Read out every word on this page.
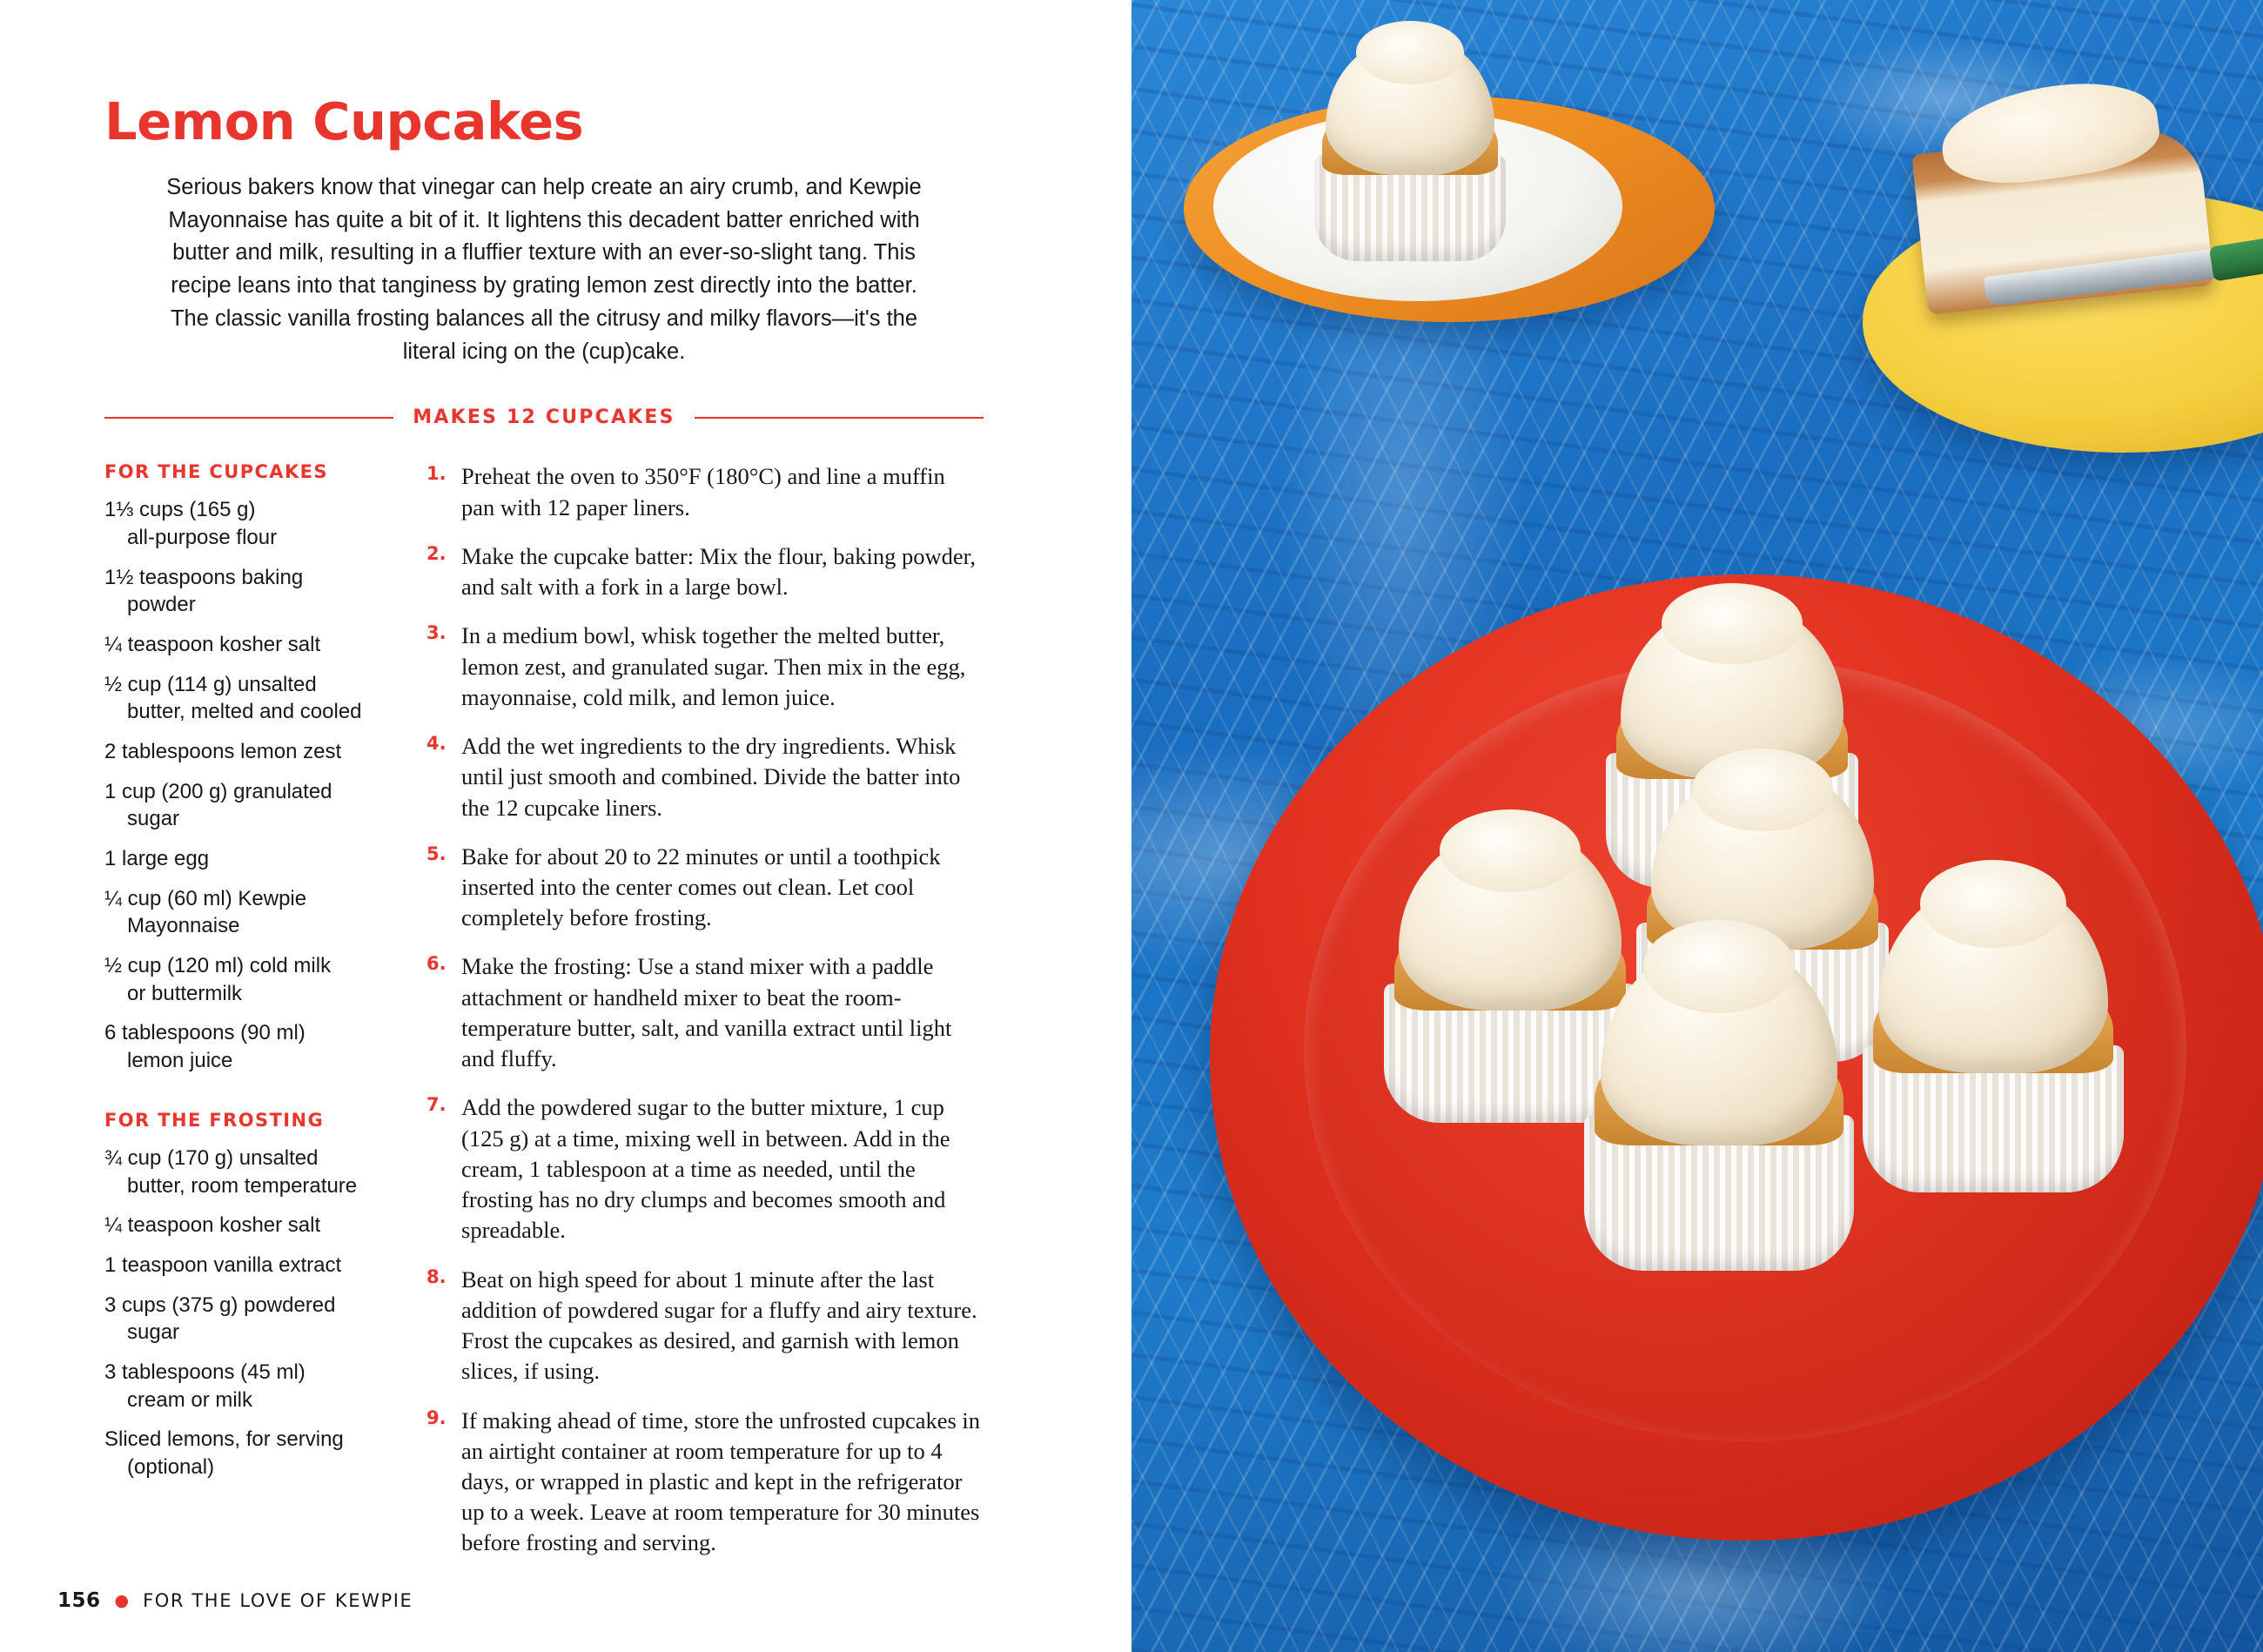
Lemon Cupcakes

Serious bakers know that vinegar can help create an airy crumb, and Kewpie Mayonnaise has quite a bit of it. It lightens this decadent batter enriched with butter and milk, resulting in a fluffier texture with an ever-so-slight tang. This recipe leans into that tanginess by grating lemon zest directly into the batter. The classic vanilla frosting balances all the citrusy and milky flavors—it's the literal icing on the (cup)cake.

MAKES 12 CUPCAKES
FOR THE CUPCAKES
1⅓ cups (165 g)
all-purpose flour
1½ teaspoons baking
powder
¼ teaspoon kosher salt
½ cup (114 g) unsalted
butter, melted and cooled
2 tablespoons lemon zest
1 cup (200 g) granulated
sugar
1 large egg
¼ cup (60 ml) Kewpie
Mayonnaise
½ cup (120 ml) cold milk
or buttermilk
6 tablespoons (90 ml)
lemon juice
FOR THE FROSTING
¾ cup (170 g) unsalted
butter, room temperature
¼ teaspoon kosher salt
1 teaspoon vanilla extract
3 cups (375 g) powdered
sugar
3 tablespoons (45 ml)
cream or milk
Sliced lemons, for serving
(optional)
1. Preheat the oven to 350°F (180°C) and line a muffin pan with 12 paper liners.
2. Make the cupcake batter: Mix the flour, baking powder, and salt with a fork in a large bowl.
3. In a medium bowl, whisk together the melted butter, lemon zest, and granulated sugar. Then mix in the egg, mayonnaise, cold milk, and lemon juice.
4. Add the wet ingredients to the dry ingredients. Whisk until just smooth and combined. Divide the batter into the 12 cupcake liners.
5. Bake for about 20 to 22 minutes or until a toothpick inserted into the center comes out clean. Let cool completely before frosting.
6. Make the frosting: Use a stand mixer with a paddle attachment or handheld mixer to beat the room-temperature butter, salt, and vanilla extract until light and fluffy.
7. Add the powdered sugar to the butter mixture, 1 cup (125 g) at a time, mixing well in between. Add in the cream, 1 tablespoon at a time as needed, until the frosting has no dry clumps and becomes smooth and spreadable.
8. Beat on high speed for about 1 minute after the last addition of powdered sugar for a fluffy and airy texture. Frost the cupcakes as desired, and garnish with lemon slices, if using.
9. If making ahead of time, store the unfrosted cupcakes in an airtight container at room temperature for up to 4 days, or wrapped in plastic and kept in the refrigerator up to a week. Leave at room temperature for 30 minutes before frosting and serving.
156 ● FOR THE LOVE OF KEWPIE
